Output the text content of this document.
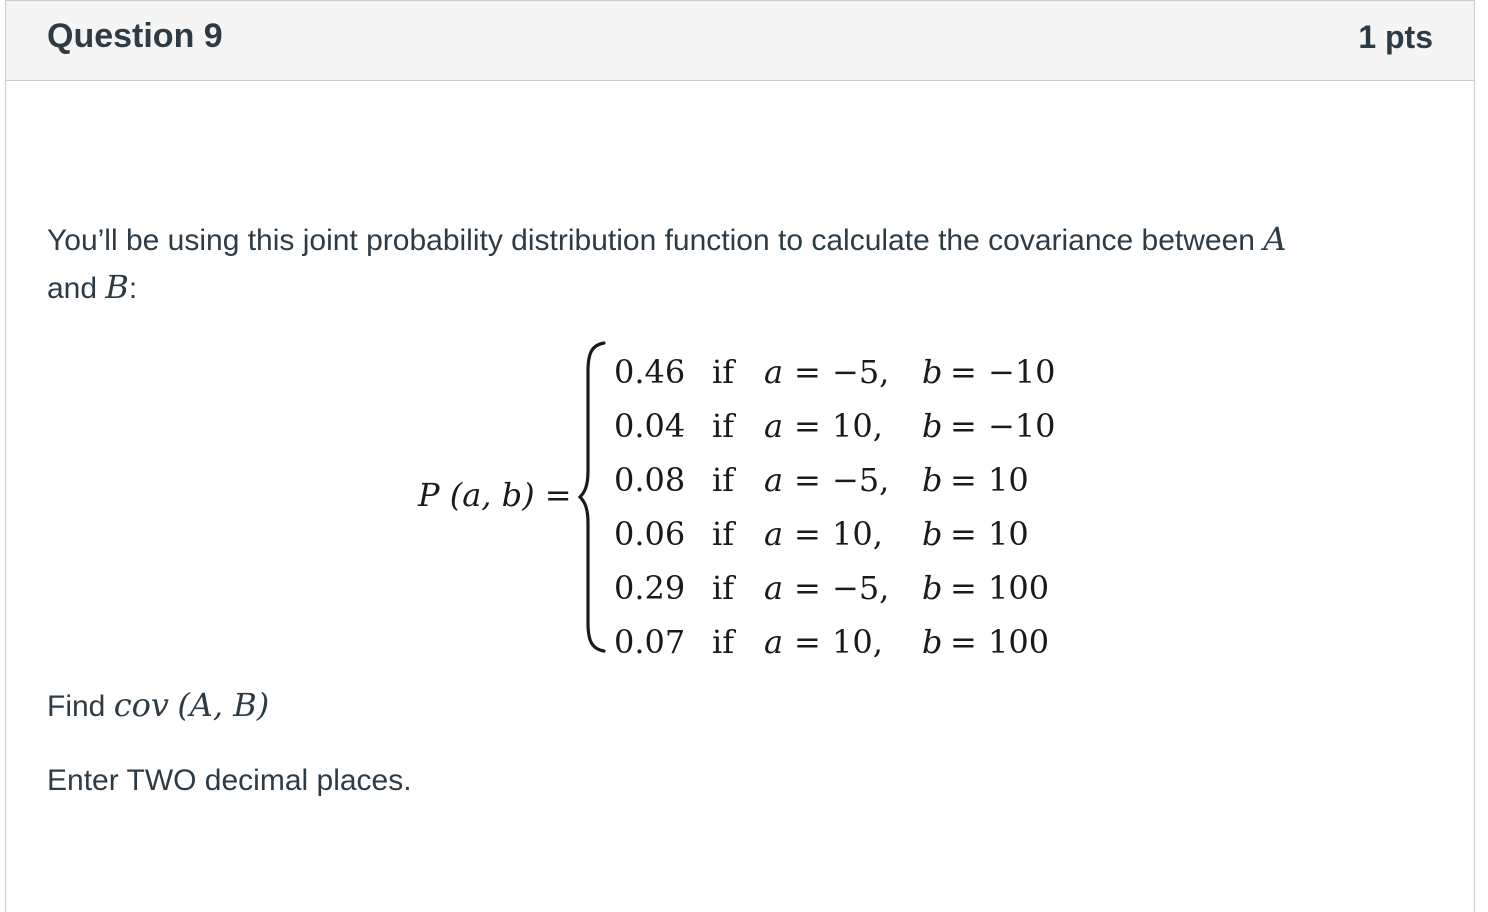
Question 9	1 pts
You’ll be using this joint probability distribution function to calculate the covariance between A
and B:
P (a, b) =
0.46 if a = −5, b = −10
0.04 if a = 10, b = −10
0.08 if a = −5, b = 10
0.06 if a = 10, b = 10
0.29 if a = −5, b = 100
0.07 if a = 10, b = 100
Find cov (A, B)
Enter TWO decimal places.
